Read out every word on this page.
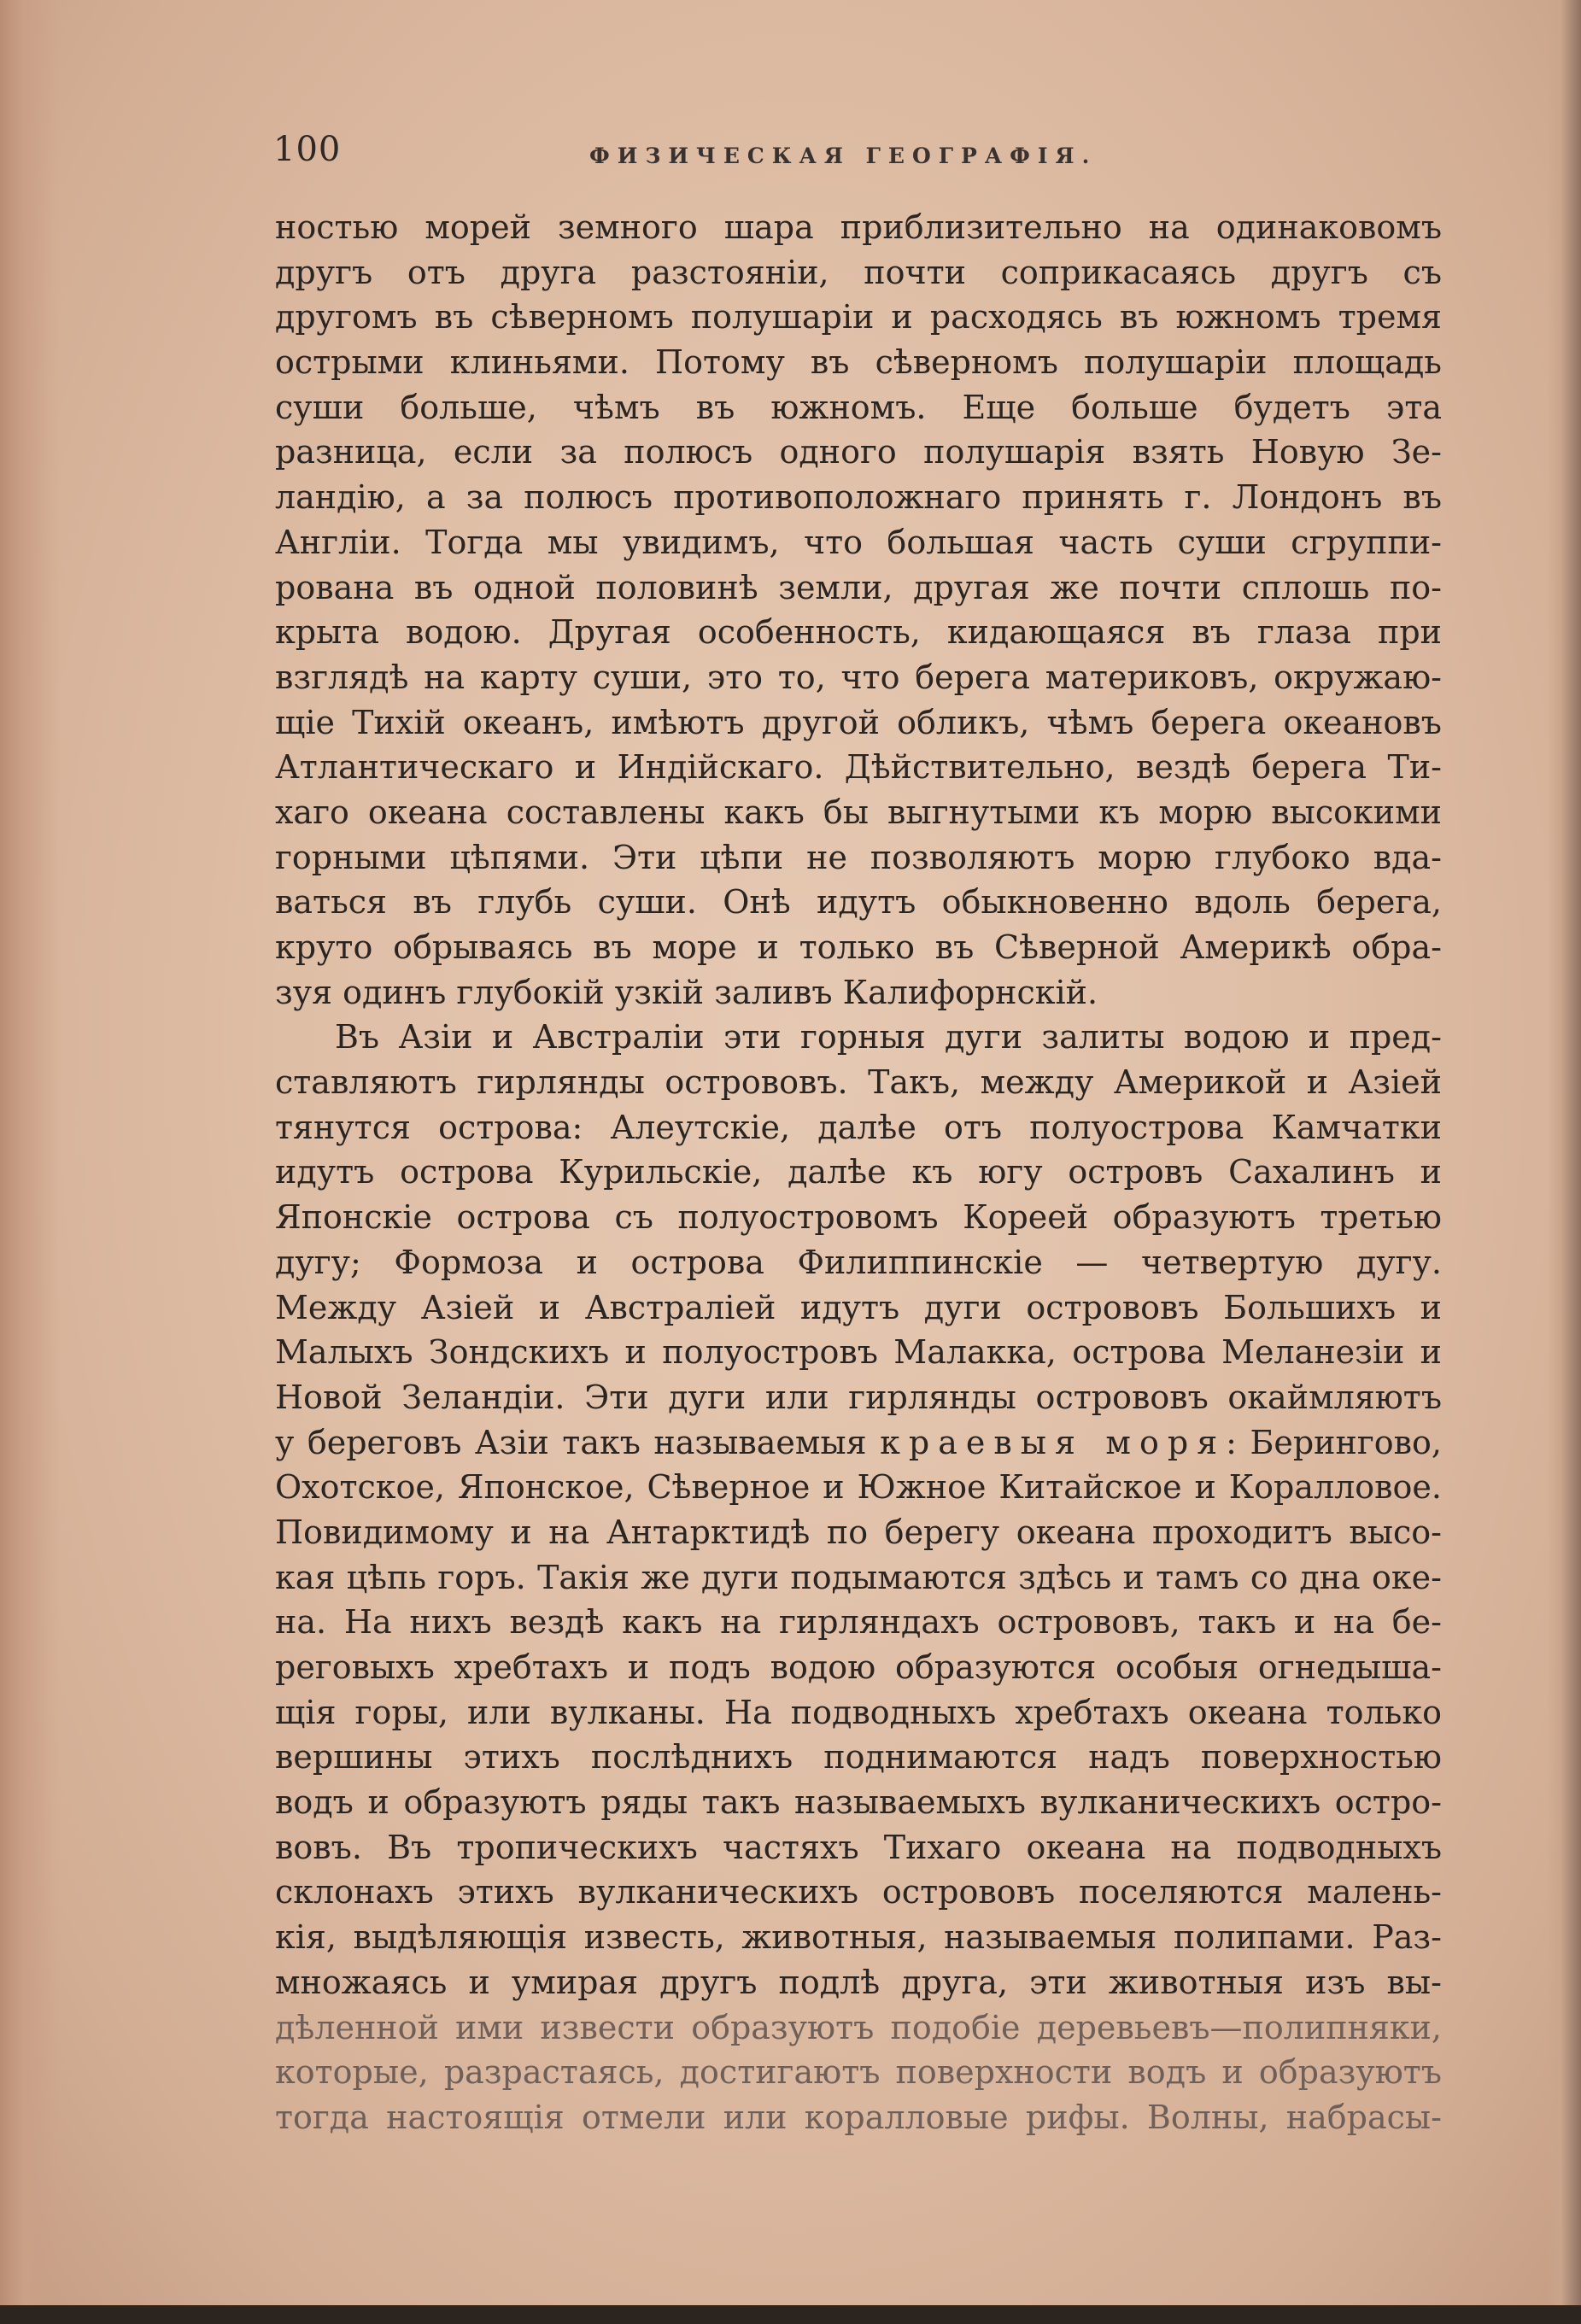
100	ФИЗИЧЕСКАЯ ГЕОГРАФІЯ.
ностью морей земного шара приблизительно на одинаковомъ
другъ отъ друга разстояніи, почти соприкасаясь другъ съ
другомъ въ сѣверномъ полушаріи и расходясь въ южномъ тремя
острыми клиньями. Потому въ сѣверномъ полушаріи площадь
суши больше, чѣмъ въ южномъ. Еще больше будетъ эта
разница, если за полюсъ одного полушарія взять Новую Зе-
ландію, а за полюсъ противоположнаго принять г. Лондонъ въ
Англіи. Тогда мы увидимъ, что большая часть суши сгруппи-
рована въ одной половинѣ земли, другая же почти сплошь по-
крыта водою. Другая особенность, кидающаяся въ глаза при
взглядѣ на карту суши, это то, что берега материковъ, окружаю-
щіе Тихій океанъ, имѣютъ другой обликъ, чѣмъ берега океановъ
Атлантическаго и Индійскаго. Дѣйствительно, вездѣ берега Ти-
хаго океана составлены какъ бы выгнутыми къ морю высокими
горными цѣпями. Эти цѣпи не позволяютъ морю глубоко вда-
ваться въ глубь суши. Онѣ идутъ обыкновенно вдоль берега,
круто обрываясь въ море и только въ Сѣверной Америкѣ обра-
зуя одинъ глубокій узкій заливъ Калифорнскій.
Въ Азіи и Австраліи эти горныя дуги залиты водою и пред-
ставляютъ гирлянды острововъ. Такъ, между Америкой и Азіей
тянутся острова: Алеутскіе, далѣе отъ полуострова Камчатки
идутъ острова Курильскіе, далѣе къ югу островъ Сахалинъ и
Японскіе острова съ полуостровомъ Кореей образуютъ третью
дугу; Формоза и острова Филиппинскіе — четвертую дугу.
Между Азіей и Австраліей идутъ дуги острововъ Большихъ и
Малыхъ Зондскихъ и полуостровъ Малакка, острова Меланезіи и
Новой Зеландіи. Эти дуги или гирлянды острововъ окаймляютъ
у береговъ Азіи такъ называемыя краевыя моря: Берингово,
Охотское, Японское, Сѣверное и Южное Китайское и Коралловое.
Повидимому и на Антарктидѣ по берегу океана проходитъ высо-
кая цѣпь горъ. Такія же дуги подымаются здѣсь и тамъ со дна оке-
на. На нихъ вездѣ какъ на гирляндахъ острововъ, такъ и на бе-
реговыхъ хребтахъ и подъ водою образуются особыя огнедыша-
щія горы, или вулканы. На подводныхъ хребтахъ океана только
вершины этихъ послѣднихъ поднимаются надъ поверхностью
водъ и образуютъ ряды такъ называемыхъ вулканическихъ остро-
вовъ. Въ тропическихъ частяхъ Тихаго океана на подводныхъ
склонахъ этихъ вулканическихъ острововъ поселяются малень-
кія, выдѣляющія известь, животныя, называемыя полипами. Раз-
множаясь и умирая другъ подлѣ друга, эти животныя изъ вы-
дѣленной ими извести образуютъ подобіе деревьевъ—полипняки,
которые, разрастаясь, достигаютъ поверхности водъ и образуютъ
тогда настоящія отмели или коралловые рифы. Волны, набрасы-
